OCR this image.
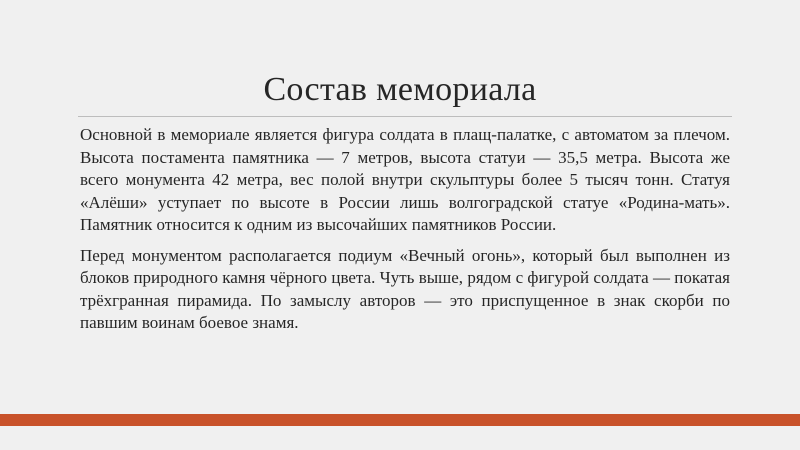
Состав мемориала

Основной в мемориале является фигура солдата в плащ-палатке, с автоматом за плечом. Высота постамента памятника — 7 метров, высота статуи — 35,5 метра. Высота же всего монумента 42 метра, вес полой внутри скульптуры более 5 тысяч тонн. Статуя «Алёши» уступает по высоте в России лишь волгоградской статуе «Родина-мать». Памятник относится к одним из высочайших памятников России.

Перед монументом располагается подиум «Вечный огонь», который был выполнен из блоков природного камня чёрного цвета. Чуть выше, рядом с фигурой солдата — покатая трёхгранная пирамида. По замыслу авторов — это приспущенное в знак скорби по павшим воинам боевое знамя.
